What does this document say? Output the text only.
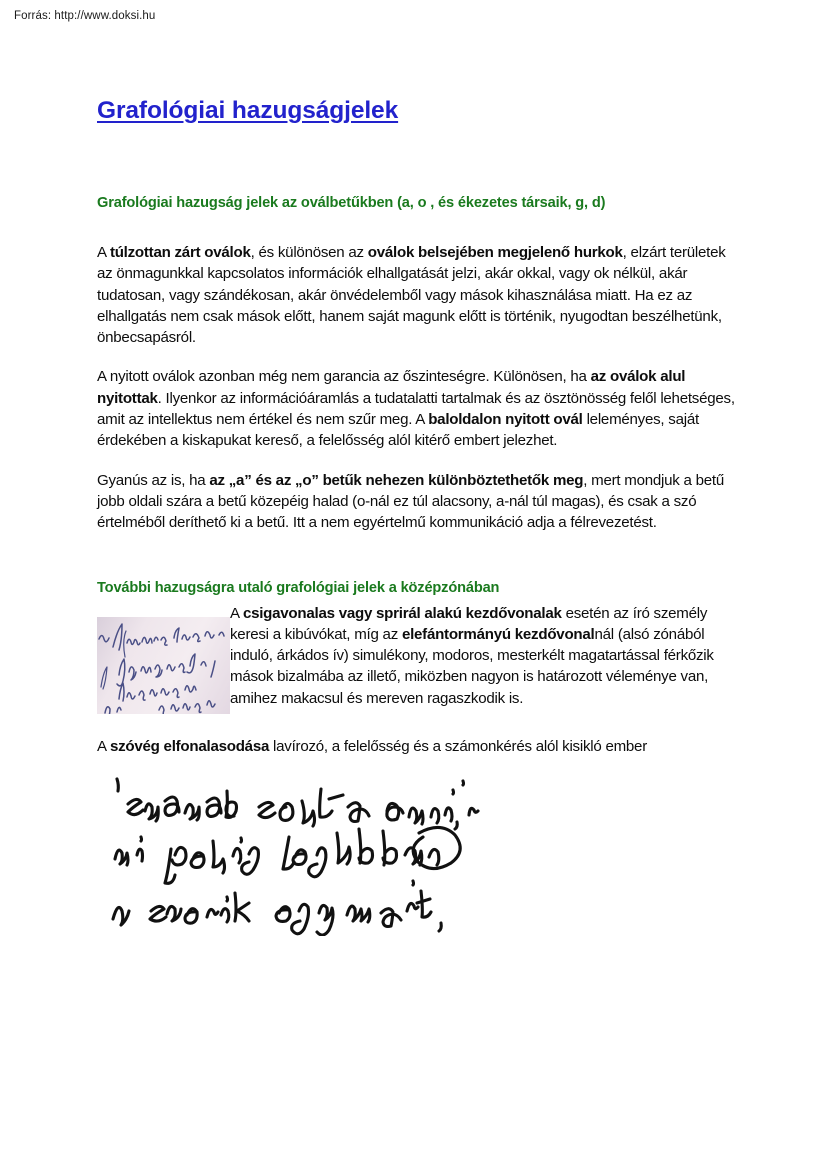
Forrás: http://www.doksi.hu
Grafológiai hazugságjelek
Grafológiai hazugság jelek az oválbetűkben (a, o , és ékezetes társaik, g, d)

A túlzottan zárt oválok, és különösen az oválok belsejében megjelenő hurkok, elzárt területek az önmagunkkal kapcsolatos információk elhallgatását jelzi, akár okkal, vagy ok nélkül, akár tudatosan, vagy szándékosan, akár önvédelemből vagy mások kihasználása miatt. Ha ez az elhallgatás nem csak mások előtt, hanem saját magunk előtt is történik, nyugodtan beszélhetünk, önbecsapásról.

A nyitott oválok azonban még nem garancia az őszinteségre. Különösen, ha az oválok alul nyitottak. Ilyenkor az információáramlás a tudatalatti tartalmak és az ösztönösség felől lehetséges, amit az intellektus nem értékel és nem szűr meg. A baloldalon nyitott ovál leleményes, saját érdekében a kiskapukat kereső, a felelősség alól kitérő embert jelezhet.

Gyanús az is, ha az „a” és az „o” betűk nehezen különböztethetők meg, mert mondjuk a betű jobb oldali szára a betű közepéig halad (o-nál ez túl alacsony, a-nál túl magas), és csak a szó értelméből deríthető ki a betű. Itt a nem egyértelmű kommunikáció adja a félrevezetést.

További hazugságra utaló grafológiai jelek a középzónában

A csigavonalas vagy sprirál alakú kezdővonalak esetén az író személy keresi a kibúvókat, míg az elefántormányú kezdővonalnál (alsó zónából induló, árkádos ív) simulékony, modoros, mesterkélt magatartással férkőzik mások bizalmába az illető, miközben nagyon is határozott véleménye van, amihez makacsul és mereven ragaszkodik is.

A szóvég elfonalasodása lavírozó, a felelősség és a számonkérés alól kisikló ember
